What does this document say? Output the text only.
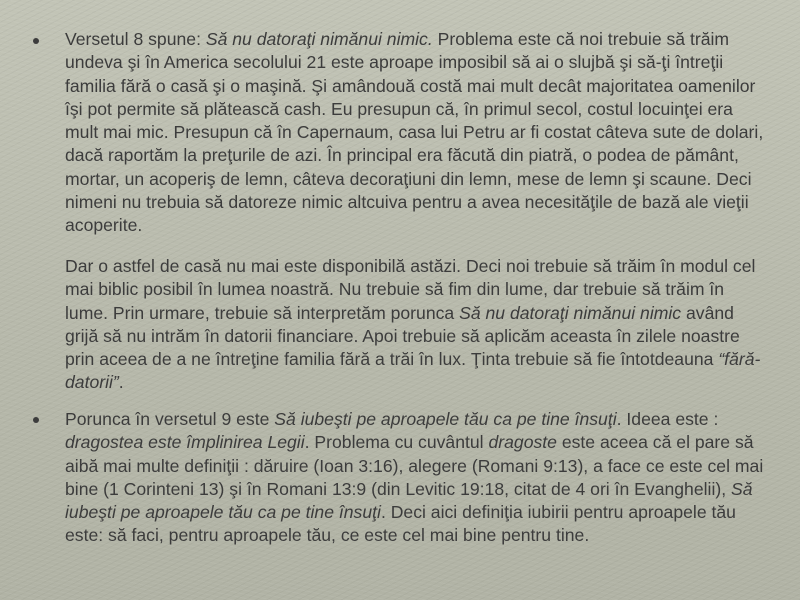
Versetul 8 spune: Să nu datoraţi nimănui nimic. Problema este că noi trebuie să trăim undeva şi în America secolului 21 este aproape imposibil să ai o slujbă şi să-ţi întreţii familia fără o casă şi o maşină. Şi amândouă costă mai mult decât majoritatea oamenilor îşi pot permite să plătească cash. Eu presupun că, în primul secol, costul locuinţei era mult mai mic. Presupun că în Capernaum, casa lui Petru ar fi costat câteva sute de dolari, dacă raportăm la preţurile de azi. În principal era făcută din piatră, o podea de pământ, mortar, un acoperiş de lemn, câteva decoraţiuni din lemn, mese de lemn şi scaune. Deci nimeni nu trebuia să datoreze nimic altcuiva pentru a avea necesităţile de bază ale vieţii acoperite.
Dar o astfel de casă nu mai este disponibilă astăzi. Deci noi trebuie să trăim în modul cel mai biblic posibil în lumea noastră. Nu trebuie să fim din lume, dar trebuie să trăim în lume. Prin urmare, trebuie să interpretăm porunca Să nu datoraţi nimănui nimic având grijă să nu intrăm în datorii financiare. Apoi trebuie să aplicăm aceasta în zilele noastre prin aceea de a ne întreţine familia fără a trăi în lux. Ţinta trebuie să fie întotdeauna “fără-datorii”.
Porunca în versetul 9 este Să iubeşti pe aproapele tău ca pe tine însuţi. Ideea este : dragostea este împlinirea Legii. Problema cu cuvântul dragoste este aceea că el pare să aibă mai multe definiţii : dăruire (Ioan 3:16), alegere (Romani 9:13), a face ce este cel mai bine (1 Corinteni 13) şi în Romani 13:9 (din Levitic 19:18, citat de 4 ori în Evanghelii), Să iubeşti pe aproapele tău ca pe tine însuţi. Deci aici definiţia iubirii pentru aproapele tău este: să faci, pentru aproapele tău, ce este cel mai bine pentru tine.
